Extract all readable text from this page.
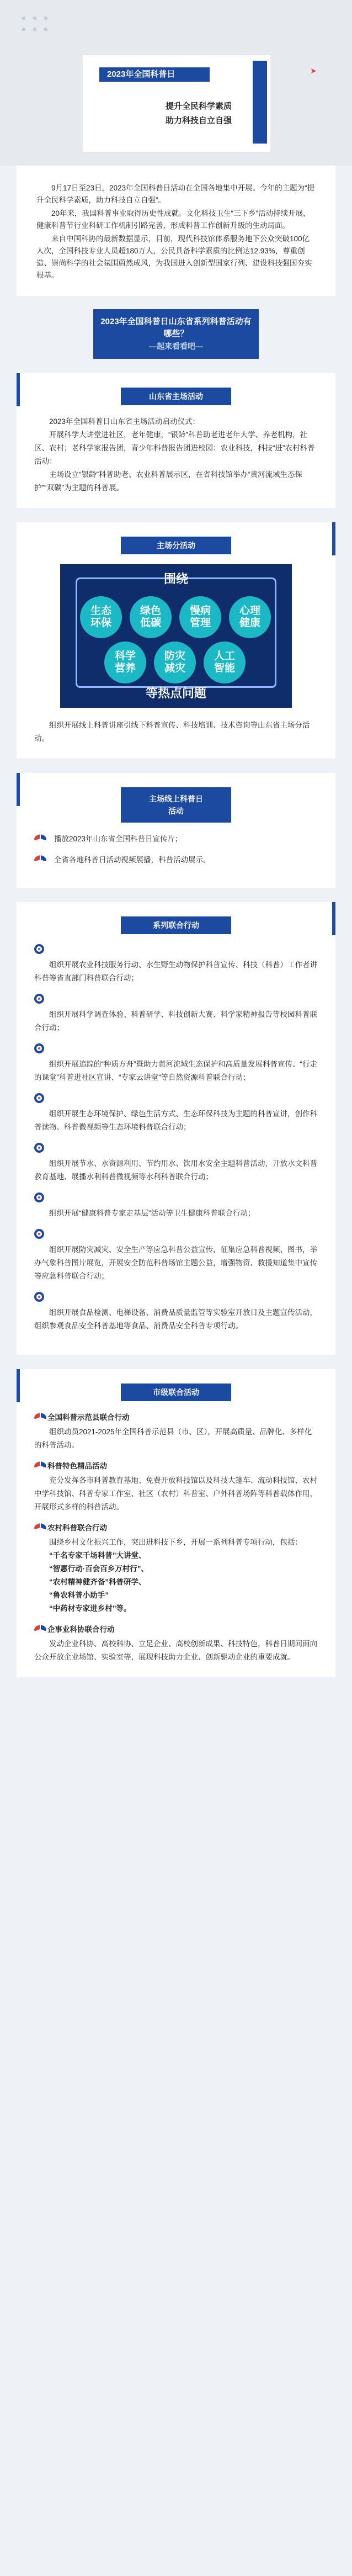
➤
2023年全国科普日
提升全民科学素质
助力科技自立自强

9月17日至23日，2023年全国科普日活动在全国各地集中开展。今年的主题为“提升全民科学素质，助力科技自立自强”。

20年来，我国科普事业取得历史性成就。文化科技卫生“三下乡”活动持续开展，健康科普节行业科研工作机制引路完善，形成科普工作创新升级的生动局面。

来自中国科协的最新数据显示，目前，现代科技馆体系服务地下公众突破100亿人次，全国科技专业人员超180万人，公民具备科学素质的比例达12.93%，尊重创造、崇尚科学的社会氛围蔚然成风，为我国进入创新型国家行列、建设科技强国夯实根基。

2023年全国科普日山东省系列科普活动有
哪些？
—起来看看吧—
山东省主场活动

2023年全国科普日山东省主场活动启动仪式：

开展科学大讲堂进社区，老年健康，“银龄”科普助老进老年大学、养老机构，社区、农村；老科学家报告团，青少年科普报告团进校园：农业科技，科技“进”农村科普活动：

主场设立“银龄”科普助老、农业科普展示区，在省科技馆举办“黄河流域生态保护”“双碳”为主题的科普展。

主场分活动
围绕
生态
环保
绿色
低碳
慢病
管理
心理
健康
科学
营养
防灾
减灾
人工
智能
等热点问题

组织开展线上科普讲座引线下科普宣传、科技培训、技术咨询等山东省主场分活动。

主场线上科普日
活动
播放2023年山东省全国科普日宣传片；
全省各地科普日活动视频展播，科普活动展示。
系列联合行动

组织开展农业科技服务行动、水生野生动物保护科普宣传、科技（科普）工作者讲科普等省直部门科普联合行动；

组织开展科学调查体验、科普研学、科技创新大赛、科学家精神报告等校园科普联合行动；

组织开展追踪的“种质方舟”暨助力黄河流域生态保护和高质量发展科普宣传、“行走的课堂”科普进社区宣讲、“专家云讲堂”等自然资源科普联合行动；

组织开展生态环境保护、绿色生活方式、生态环保科技为主题的科普宣讲，创作科普读物、科普微视频等生态环境科普联合行动；

组织开展节水、水资源利用、节约用水、饮用水安全主题科普活动，开放水文科普教育基地、展播水利科普微视频等水利科普联合行动；

组织开展“健康科普专家走基层”活动等卫生健康科普联合行动；

组织开展防灾减灾、安全生产等应急科普公益宣传，征集应急科普视频、图书，举办气象科普图片展览，开展安全防范科普场馆主题公益，增强物资、救援知道集中宣传等应急科普联合行动；

组织开展食品检测、电梯设备、消费品质量监管等实验室开放日及主题宣传活动，组织参观食品安全科普基地等食品、消费品安全科普专项行动。

市级联合活动
全国科普示范县联合行动

组织动员2021-2025年全国科普示范县（市、区），开展高质量、品牌化、多样化的科普活动。

科普特色精品活动

充分发挥各市科普教育基地、免费开放科技馆以及科技大篷车、流动科技馆、农村中学科技馆、科普专家工作室、社区（农村）科普室、户外科普场阵等科普载体作用，开展形式多样的科普活动。

农村科普联合行动

围绕乡村文化振兴工作，突出进科技下乡，开展一系列科普专项行动，包括：

“千名专家千场科普”大讲堂、
“智惠行动·百会百乡万村行”、
“农村精神健齐备”科普研学、
“鲁农科普小助手”
“中药材专家进乡村”等。
企事业科协联合行动

发动企业科协、高校科协、立足企业、高校创新成果、科技特色，科普日期间面向公众开放企业场馆、实验室等，展现科技助力企业、创新驱动企业的重要成就。
